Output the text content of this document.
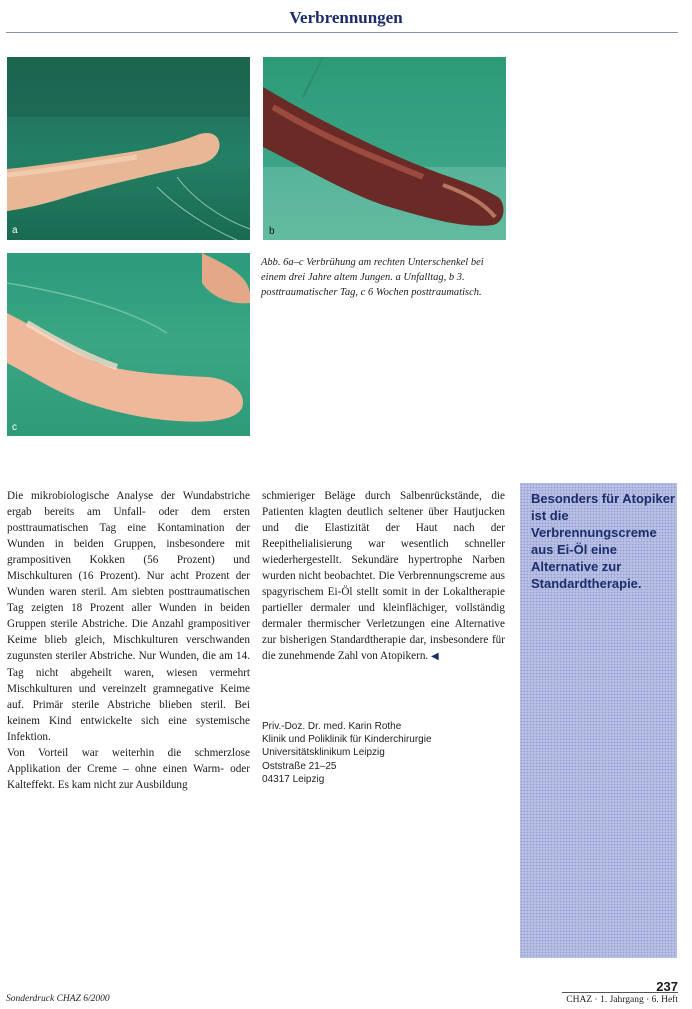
Verbrennungen
a	b
c
Abb. 6a–c Verbrühung am rechten Unterschenkel bei einem drei Jahre altem Jungen. a Unfalltag, b 3. posttraumatischer Tag, c 6 Wochen posttraumatisch.

Die mikrobiologische Analyse der Wundabstriche ergab bereits am Unfall- oder dem ersten posttraumatischen Tag eine Kontamination der Wunden in beiden Gruppen, insbesondere mit grampositiven Kokken (56 Prozent) und Mischkulturen (16 Prozent). Nur acht Prozent der Wunden waren steril. Am siebten posttraumatischen Tag zeigten 18 Prozent aller Wunden in beiden Gruppen sterile Abstriche. Die Anzahl grampositiver Keime blieb gleich, Mischkulturen verschwanden zugunsten steriler Abstriche. Nur Wunden, die am 14. Tag nicht abgeheilt waren, wiesen vermehrt Mischkulturen und vereinzelt gramnegative Keime auf. Primär sterile Abstriche blieben steril. Bei keinem Kind entwickelte sich eine systemische Infektion.

Von Vorteil war weiterhin die schmerzlose Applikation der Creme – ohne einen Warm- oder Kalteffekt. Es kam nicht zur Ausbildung

schmieriger Beläge durch Salbenrückstände, die Patienten klagten deutlich seltener über Hautjucken und die Elastizität der Haut nach der Reepithelialisierung war wesentlich schneller wiederhergestellt. Sekundäre hypertrophe Narben wurden nicht beobachtet. Die Verbrennungscreme aus spagyrischem Ei-Öl stellt somit in der Lokaltherapie partieller dermaler und kleinflächiger, vollständig dermaler thermischer Verletzungen eine Alternative zur bisherigen Standardtherapie dar, insbesondere für die zunehmende Zahl von Atopikern. ◀

Priv.-Doz. Dr. med. Karin Rothe
Klinik und Poliklinik für Kinderchirurgie
Universitätsklinikum Leipzig
Oststraße 21–25
04317 Leipzig
Besonders für Atopiker ist die Verbrennungscreme aus Ei-Öl eine Alternative zur Standardtherapie.
237
CHAZ · 1. Jahrgang · 6. Heft
Sonderdruck CHAZ 6/2000
